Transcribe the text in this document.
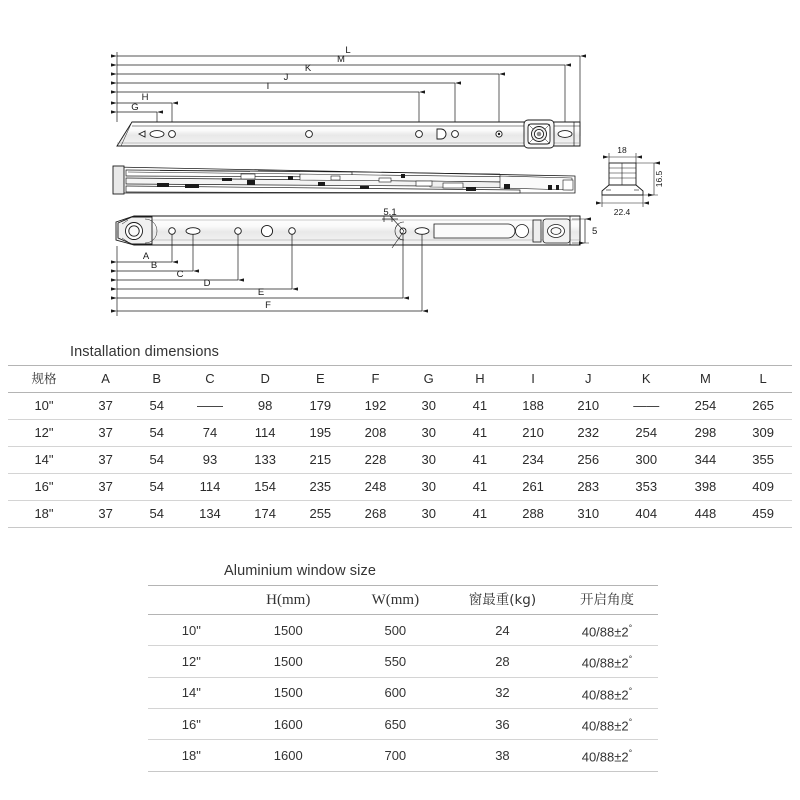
L
M
K
J
I
H
G
5.1
5
A
B
C
D
E
F
18
16.5
22.4
Installation dimensions
规格	A	B	C	D	E	F	G	H	I	J	K	M	L
10"	37	54	——	98	179	192	30	41	188	210	——	254	265
12"	37	54	74	114	195	208	30	41	210	232	254	298	309
14"	37	54	93	133	215	228	30	41	234	256	300	344	355
16"	37	54	114	154	235	248	30	41	261	283	353	398	409
18"	37	54	134	174	255	268	30	41	288	310	404	448	459
Aluminium window size
	H(mm)	W(mm)	窗最重(kg)	开启角度
10"	1500	500	24	40/88±2°
12"	1500	550	28	40/88±2°
14"	1500	600	32	40/88±2°
16"	1600	650	36	40/88±2°
18"	1600	700	38	40/88±2°
